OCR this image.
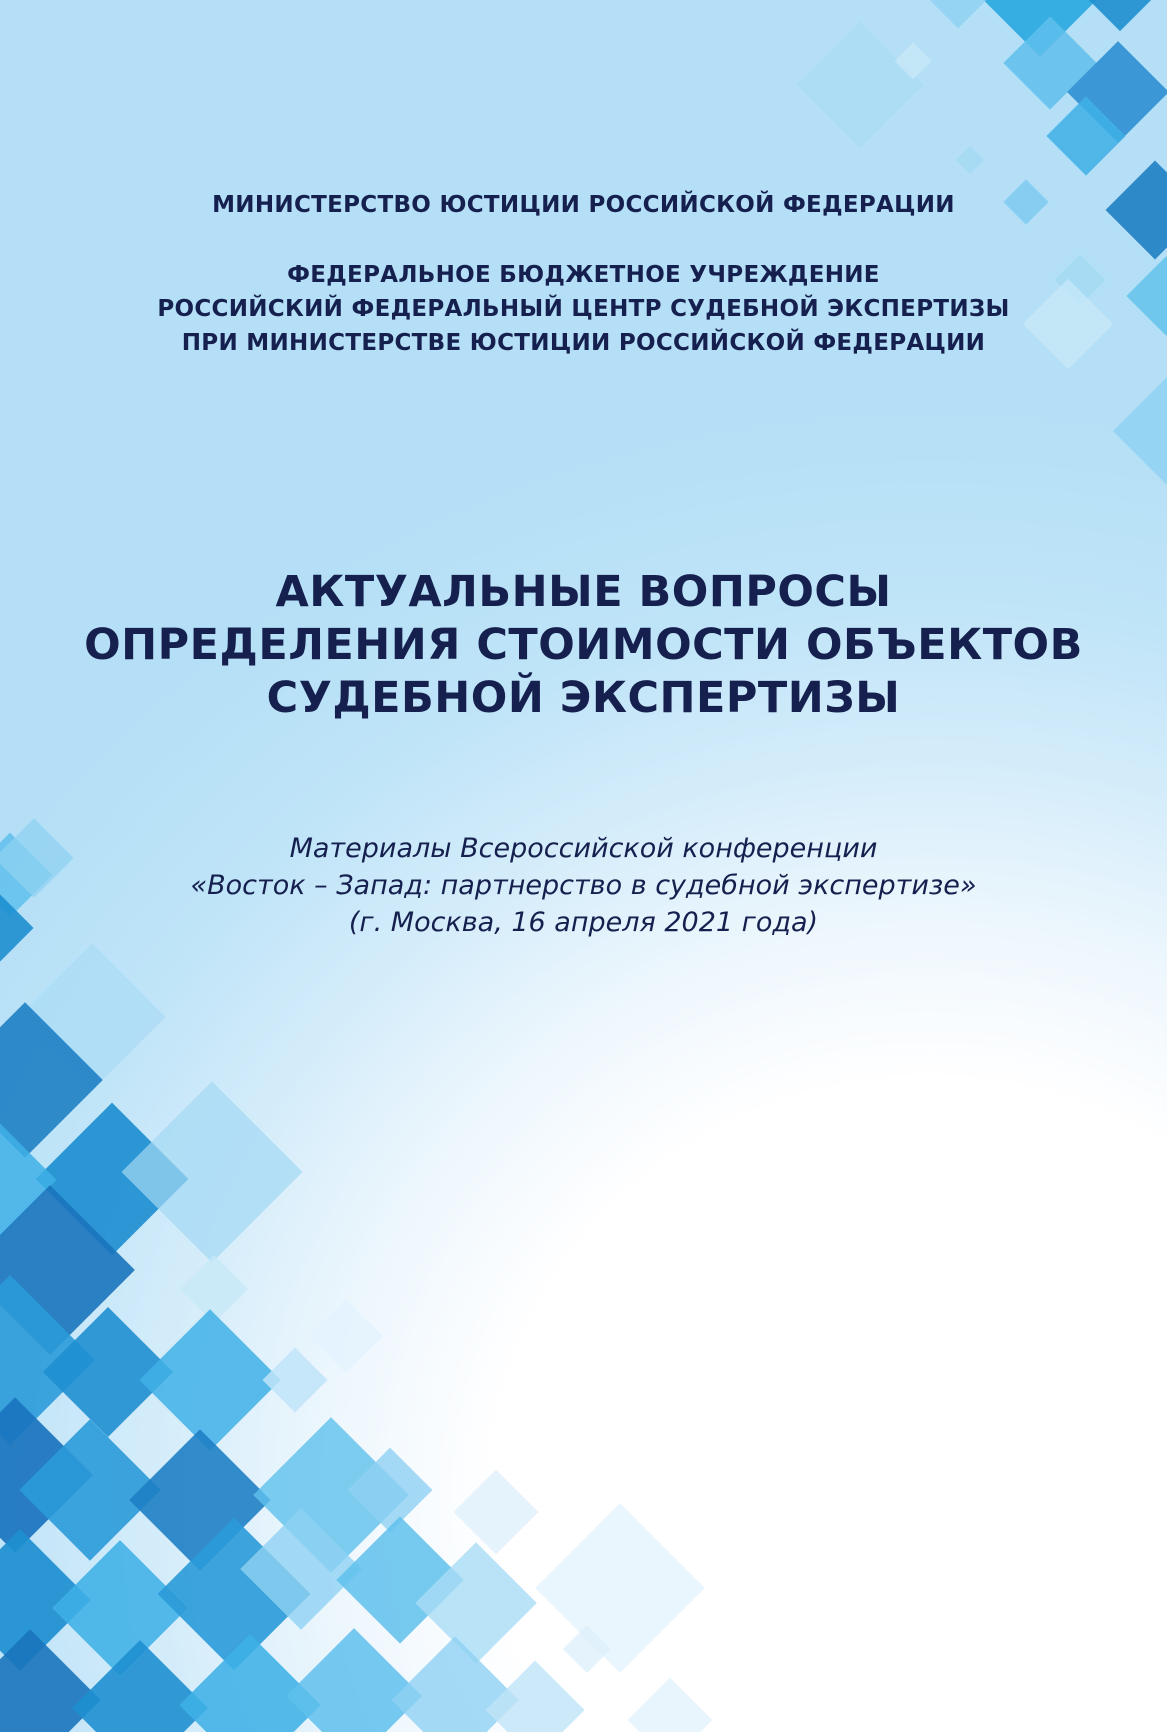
МИНИСТЕРСТВО ЮСТИЦИИ РОССИЙСКОЙ ФЕДЕРАЦИИ
ФЕДЕРАЛЬНОЕ БЮДЖЕТНОЕ УЧРЕЖДЕНИЕ
РОССИЙСКИЙ ФЕДЕРАЛЬНЫЙ ЦЕНТР СУДЕБНОЙ ЭКСПЕРТИЗЫ
ПРИ МИНИСТЕРСТВЕ ЮСТИЦИИ РОССИЙСКОЙ ФЕДЕРАЦИИ
АКТУАЛЬНЫЕ ВОПРОСЫ
ОПРЕДЕЛЕНИЯ СТОИМОСТИ ОБЪЕКТОВ
СУДЕБНОЙ ЭКСПЕРТИЗЫ
Материалы Всероссийской конференции
«Восток – Запад: партнерство в судебной экспертизе»
(г. Москва, 16 апреля 2021 года)
